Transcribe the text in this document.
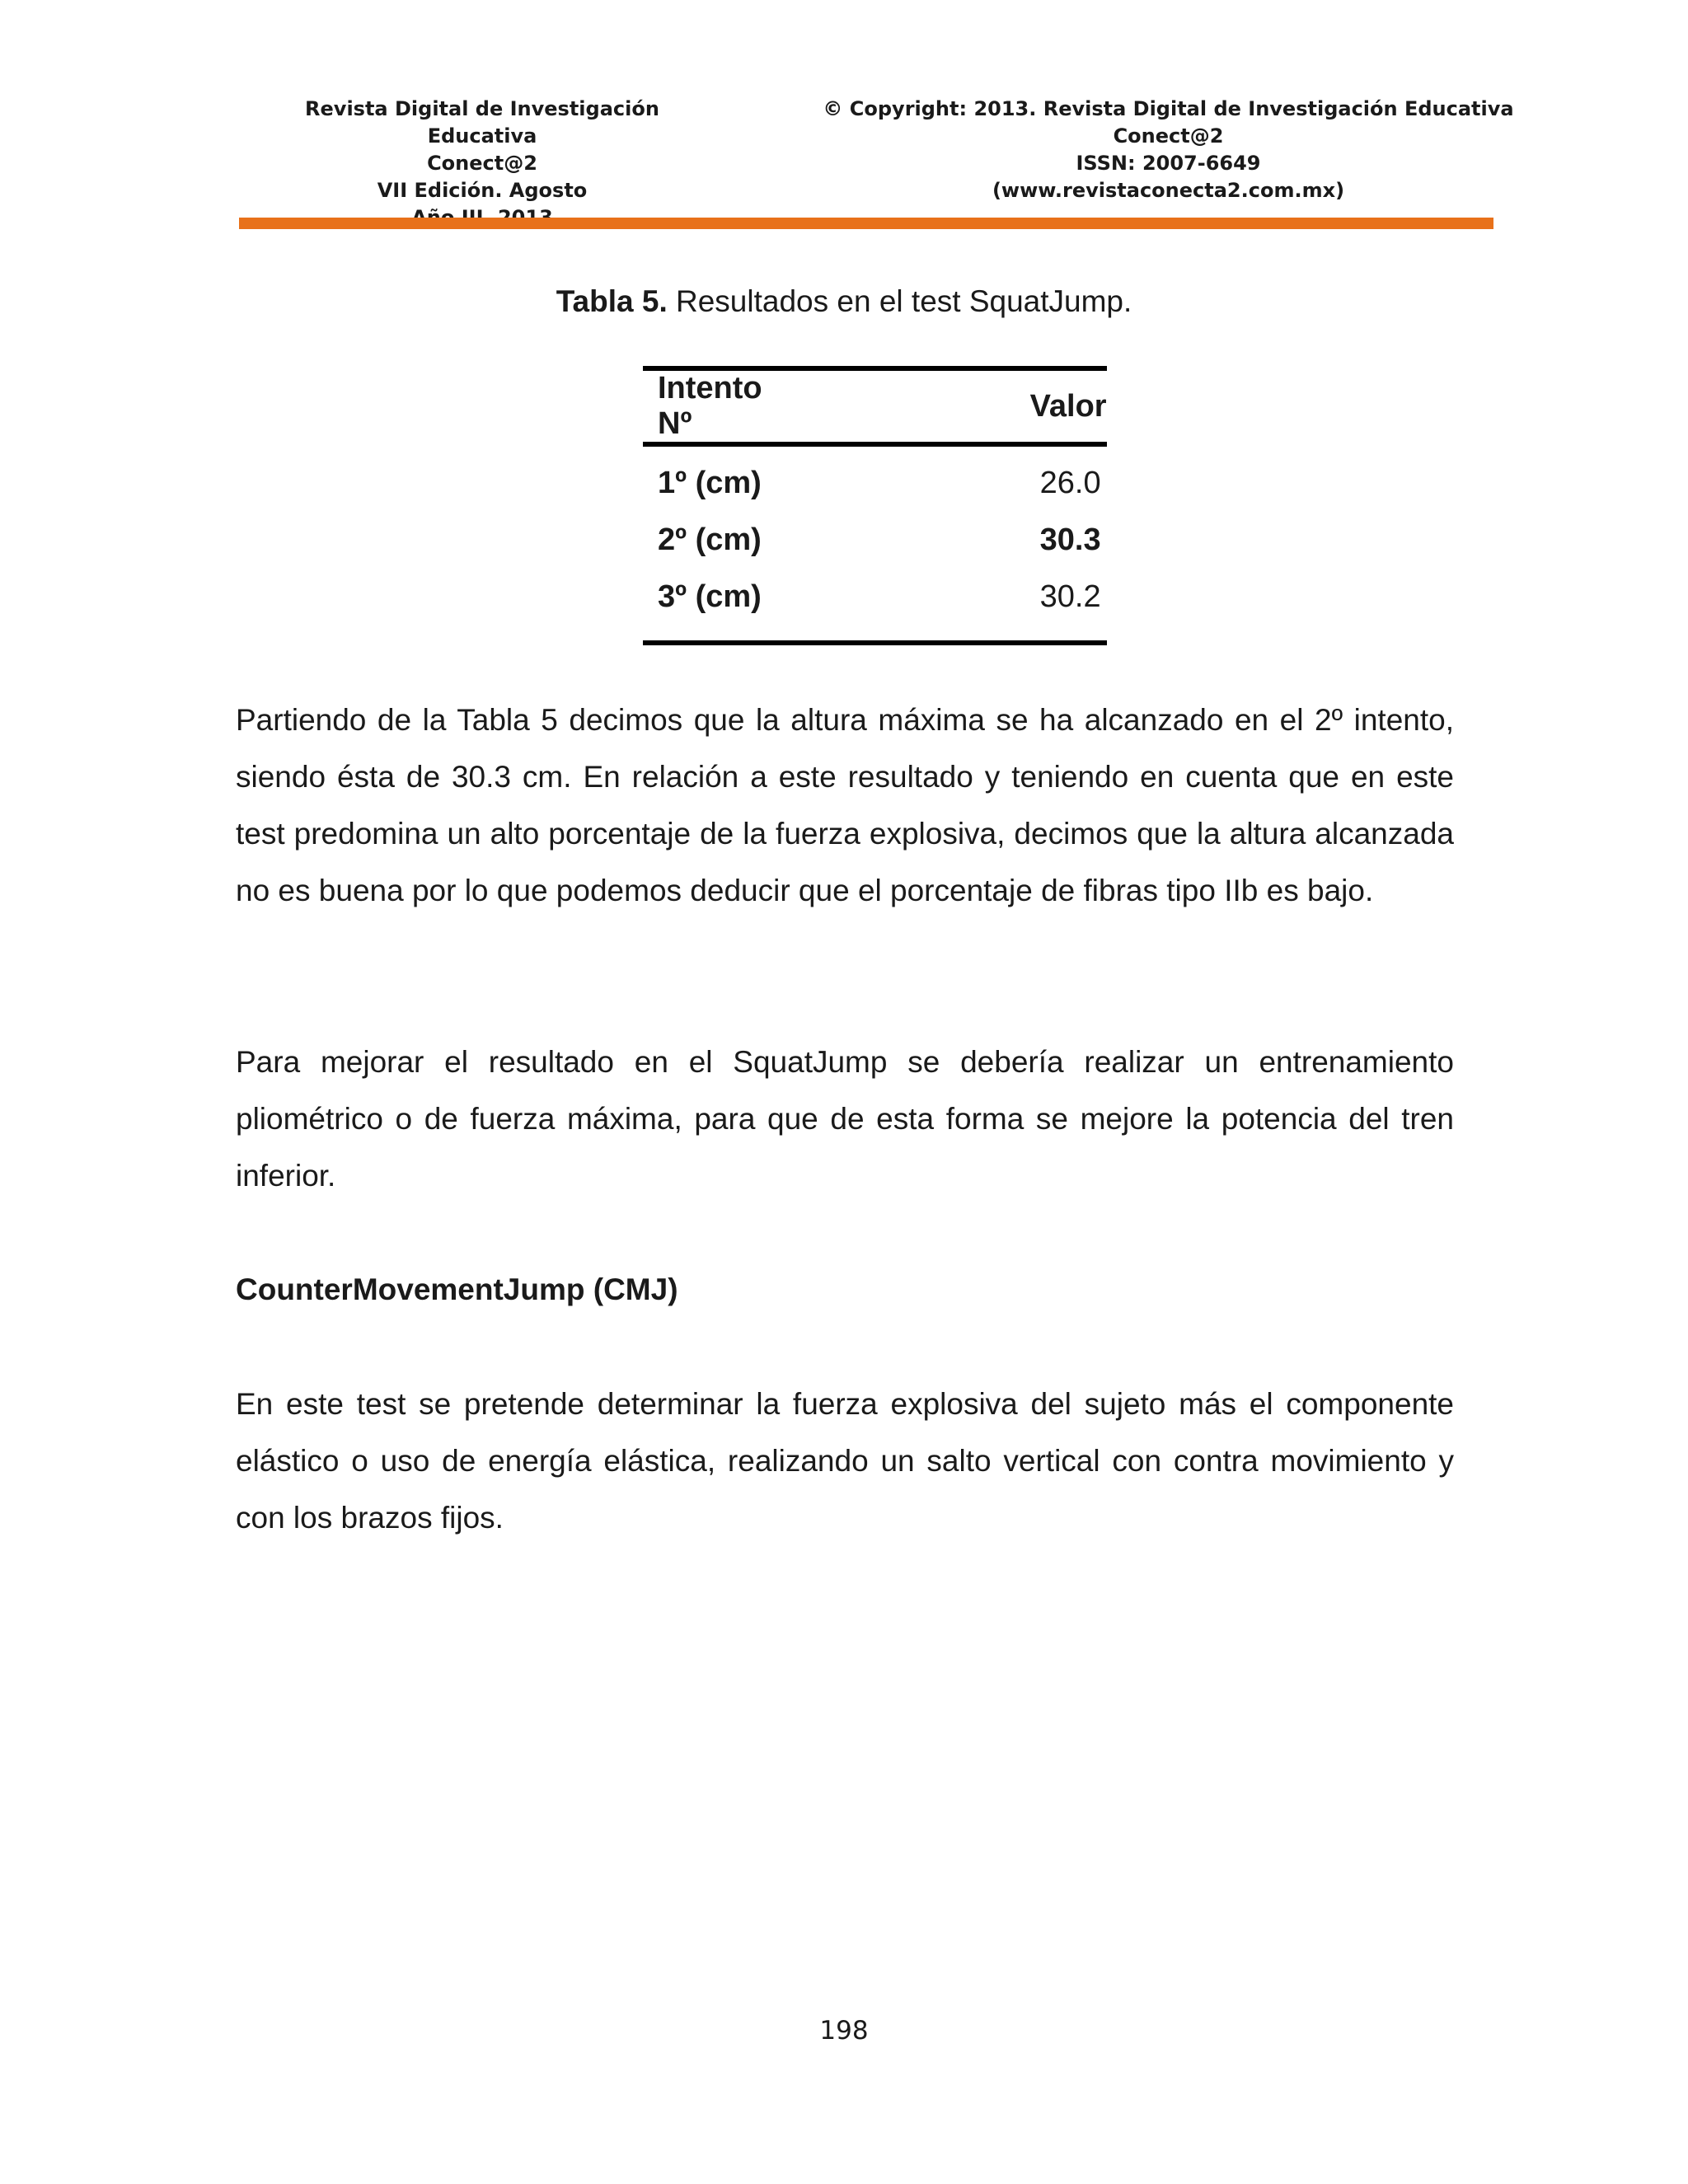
Revista Digital de Investigación Educativa
Conect@2
VII Edición. Agosto
© Copyright: 2013. Revista Digital de Investigación Educativa
Conect@2
ISSN: 2007-6649
(www.revistaconecta2.com.mx)
Tabla 5. Resultados en el test SquatJump.
Intento Nº	Valor
1º (cm)	26.0
2º (cm)	30.3
3º (cm)	30.2

Partiendo de la Tabla 5 decimos que la altura máxima se ha alcanzado en el 2º intento, siendo ésta de 30.3 cm. En relación a este resultado y teniendo en cuenta que en este test predomina un alto porcentaje de la fuerza explosiva, decimos que la altura alcanzada no es buena por lo que podemos deducir que el porcentaje de fibras tipo IIb es bajo.

Para mejorar el resultado en el SquatJump se debería realizar un entrenamiento pliométrico o de fuerza máxima, para que de esta forma se mejore la potencia del tren inferior.

CounterMovementJump (CMJ)

En este test se pretende determinar la fuerza explosiva del sujeto más el componente elástico o uso de energía elástica, realizando un salto vertical con contra movimiento y con los brazos fijos.

198
